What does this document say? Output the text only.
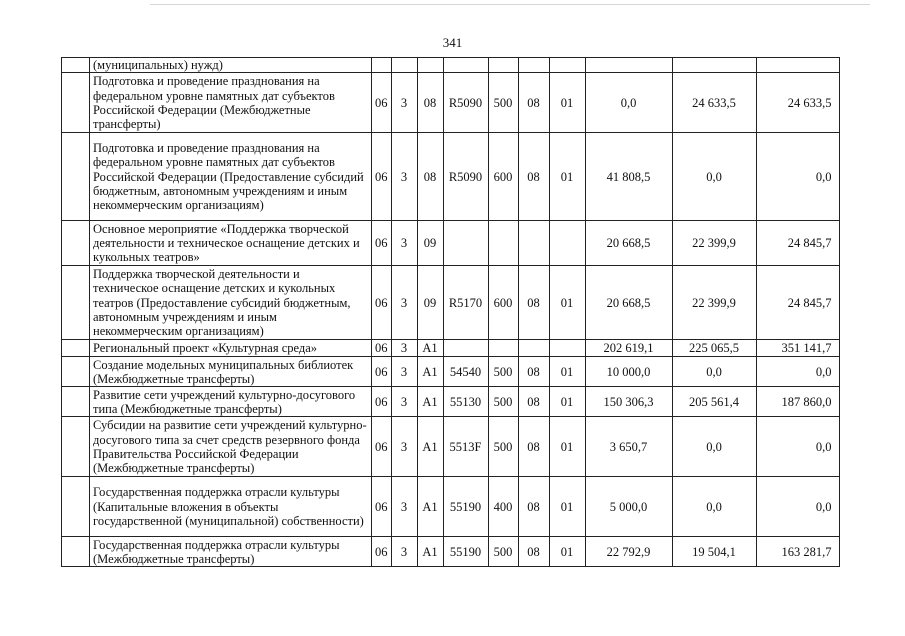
341
	(муниципальных) нужд)										
	Подготовка и проведение празднования на федеральном уровне памятных дат субъектов Российской Федерации (Межбюджетные трансферты)	06	3	08	R5090	500	08	01	0,0	24 633,5	24 633,5
	Подготовка и проведение празднования на федеральном уровне памятных дат субъектов Российской Федерации (Предоставление субсидий бюджетным, автономным учреждениям и иным некоммерческим организациям)	06	3	08	R5090	600	08	01	41 808,5	0,0	0,0
	Основное мероприятие «Поддержка творческой деятельности и техническое оснащение детских и кукольных театров»	06	3	09					20 668,5	22 399,9	24 845,7
	Поддержка творческой деятельности и техническое оснащение детских и кукольных театров (Предоставление субсидий бюджетным, автономным учреждениям и иным некоммерческим организациям)	06	3	09	R5170	600	08	01	20 668,5	22 399,9	24 845,7
	Региональный проект «Культурная среда»	06	3	A1					202 619,1	225 065,5	351 141,7
	Создание модельных муниципальных библиотек (Межбюджетные трансферты)	06	3	A1	54540	500	08	01	10 000,0	0,0	0,0
	Развитие сети учреждений культурно-досугового типа (Межбюджетные трансферты)	06	3	A1	55130	500	08	01	150 306,3	205 561,4	187 860,0
	Субсидии на развитие сети учреждений культурно-досугового типа за счет средств резервного фонда Правительства Российской Федерации (Межбюджетные трансферты)	06	3	A1	5513F	500	08	01	3 650,7	0,0	0,0
	Государственная поддержка отрасли культуры (Капитальные вложения в объекты государственной (муниципальной) собственности)	06	3	A1	55190	400	08	01	5 000,0	0,0	0,0
	Государственная поддержка отрасли культуры (Межбюджетные трансферты)	06	3	A1	55190	500	08	01	22 792,9	19 504,1	163 281,7
